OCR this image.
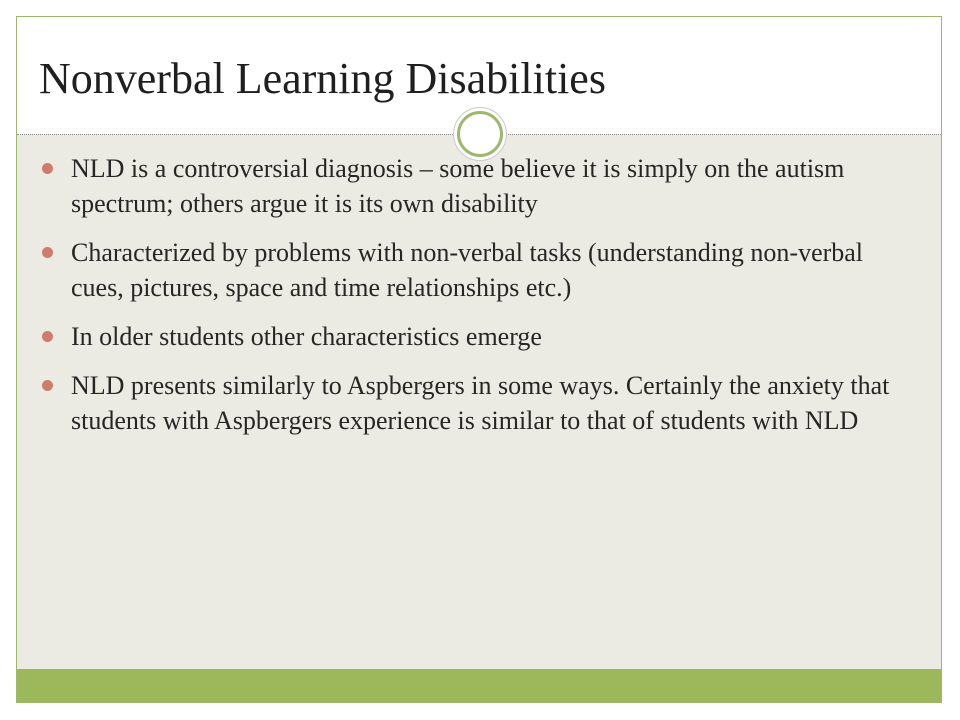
Nonverbal Learning Disabilities
NLD is a controversial diagnosis – some believe it is simply on the autism spectrum; others argue it is its own disability
Characterized by problems with non-verbal tasks (understanding non-verbal cues, pictures, space and time relationships etc.)
In older students other characteristics emerge
NLD presents similarly to Aspbergers in some ways. Certainly the anxiety that students with Aspbergers experience is similar to that of students with NLD
